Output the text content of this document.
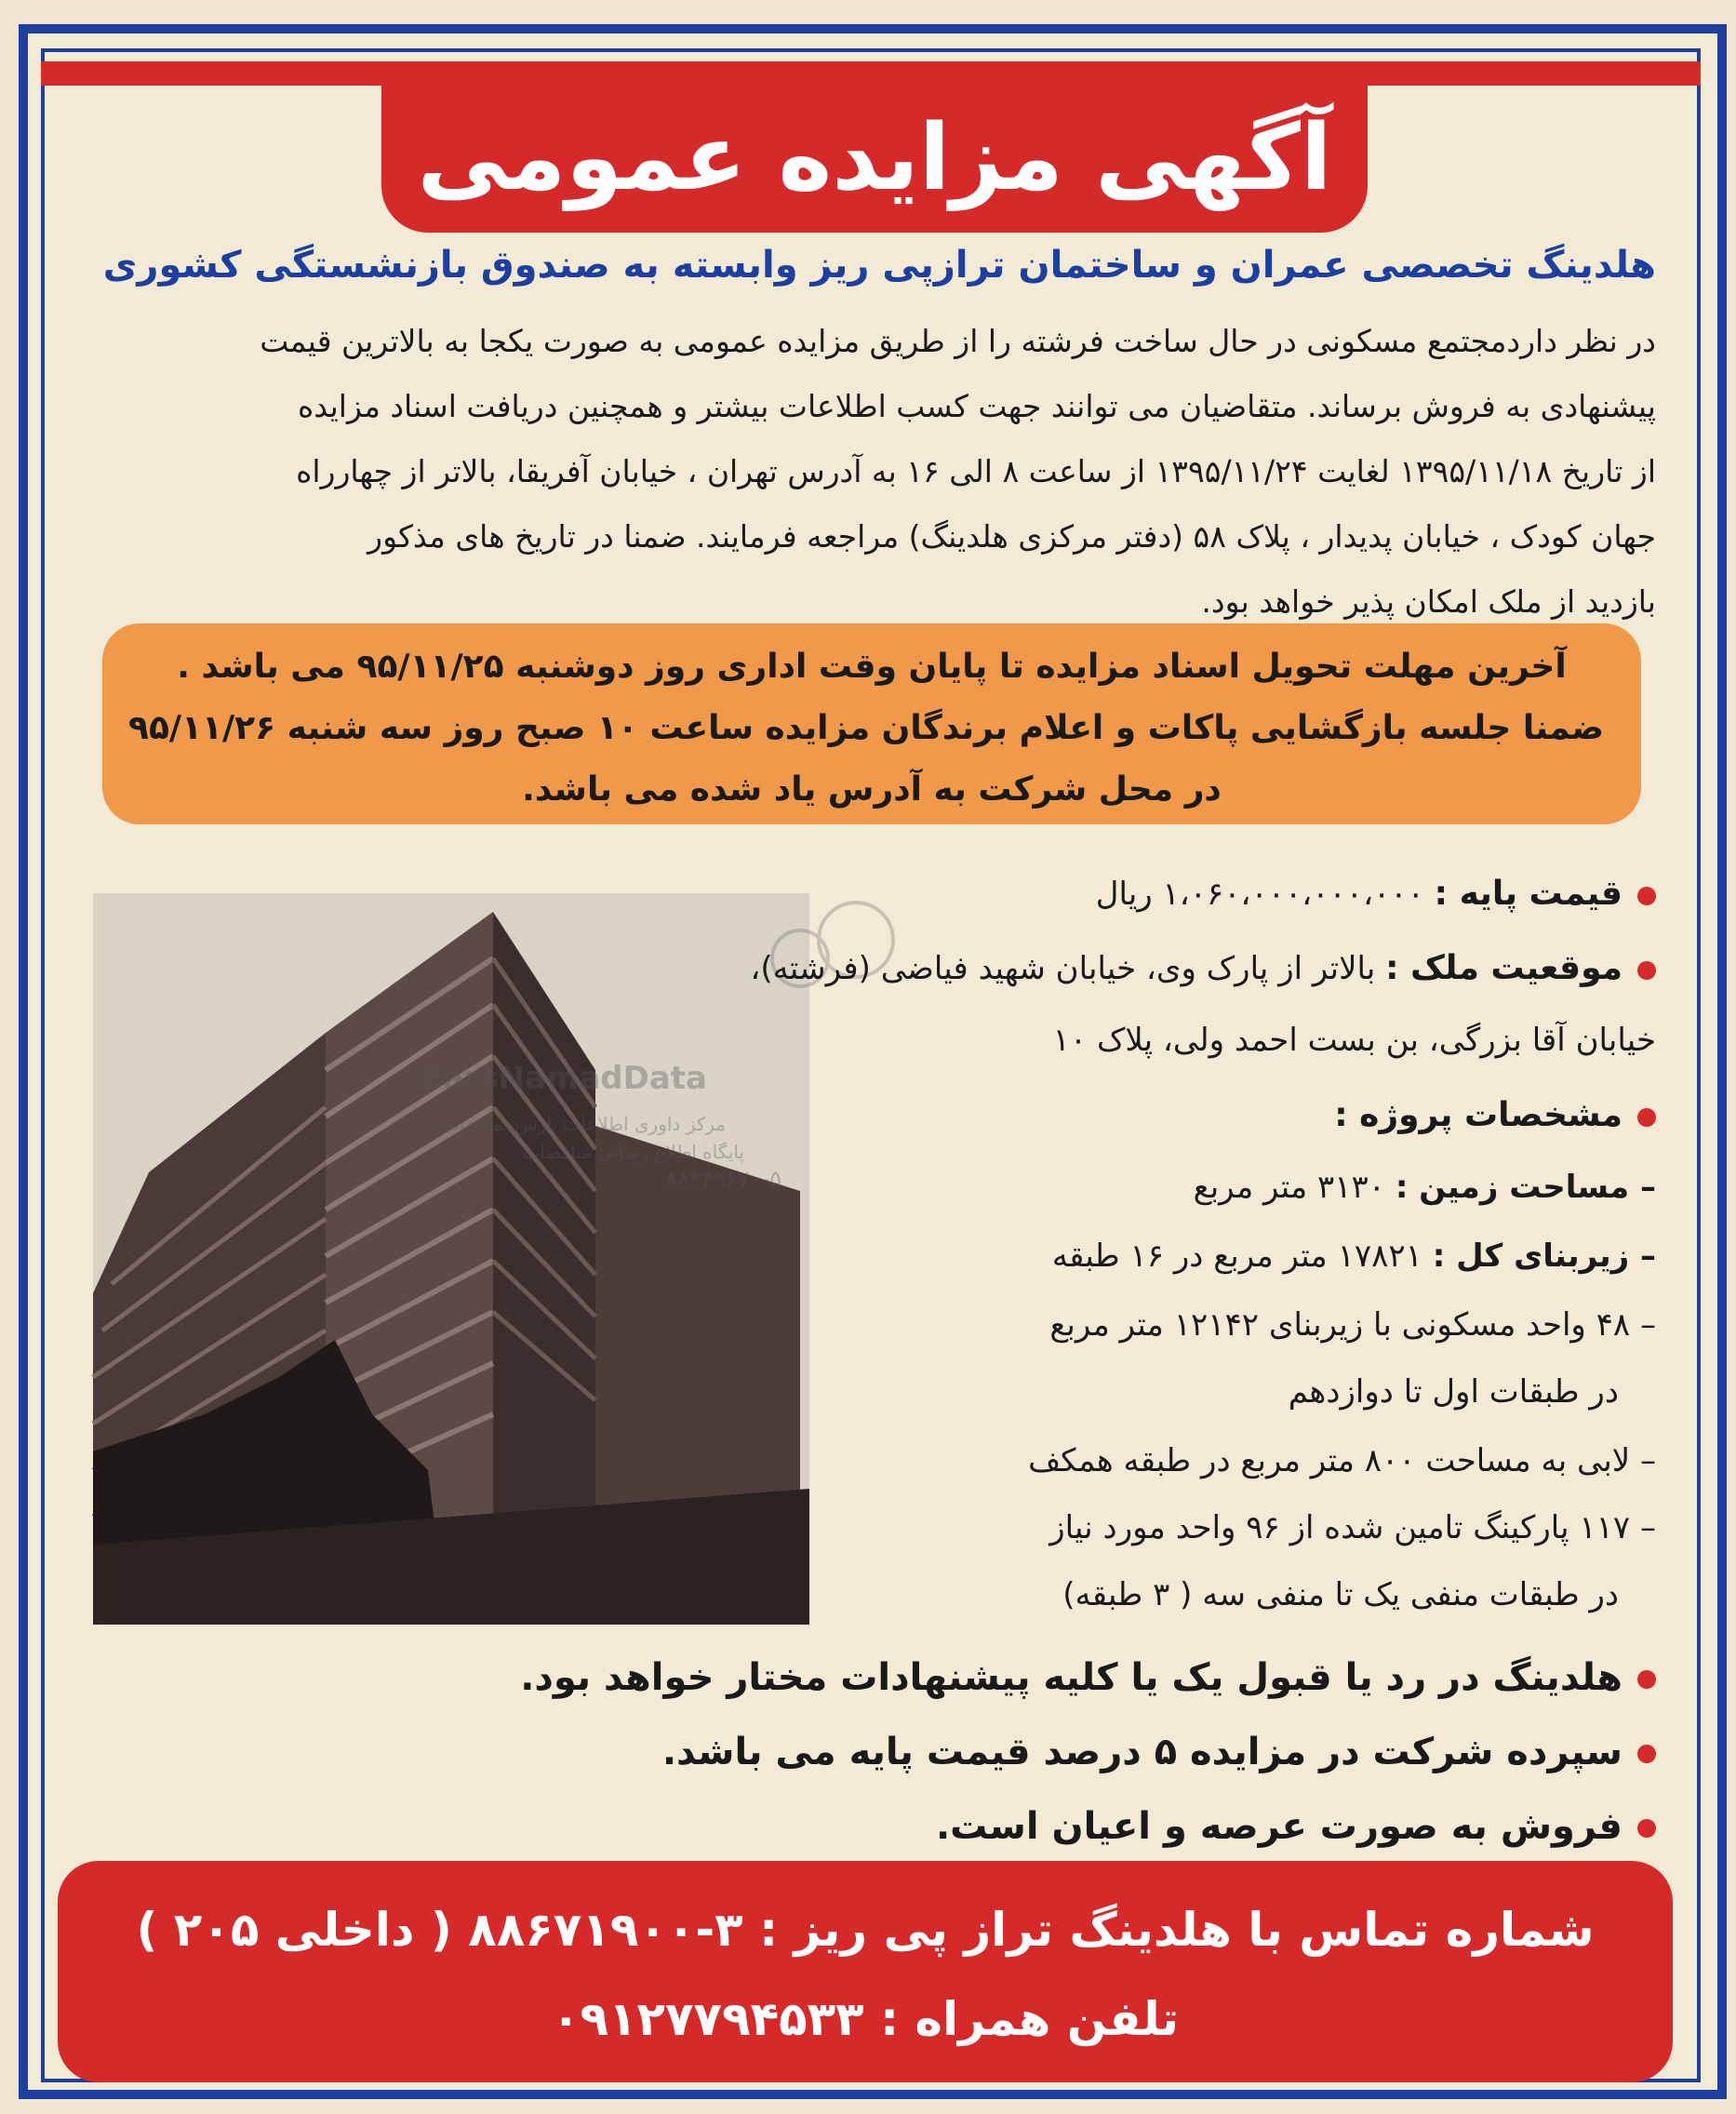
آگهی مزایده عمومی
هلدینگ تخصصی عمران و ساختمان ترازپی ریز وابسته به صندوق بازنشستگی کشوری

در نظر داردمجتمع مسکونی در حال ساخت فرشته را از طریق مزایده عمومی به صورت یکجا به بالاترین قیمت

پیشنهادی به فروش برساند. متقاضیان می توانند جهت کسب اطلاعات بیشتر و همچنین دریافت اسناد مزایده

از تاریخ ۱۳۹۵/۱۱/۱۸ لغایت ۱۳۹۵/۱۱/۲۴ از ساعت ۸ الی ۱۶ به آدرس تهران ، خیابان آفریقا، بالاتر از چهارراه

جهان کودک ، خیابان پدیدار ، پلاک ۵۸ (دفتر مرکزی هلدینگ) مراجعه فرمایند. ضمنا در تاریخ های مذکور

بازدید از ملک امکان پذیر خواهد بود.

آخرین مهلت تحویل اسناد مزایده تا پایان وقت اداری روز دوشنبه ۹۵/۱۱/۲۵ می باشد .

ضمنا جلسه بازگشایی پاکات و اعلام برندگان مزایده ساعت ۱۰ صبح روز سه شنبه ۹۵/۱۱/۲۶

در محل شرکت به آدرس یاد شده می باشد.

ParsNamadData
مرکز داوری اطلاعات پارس نماد داده
پایگاه اطلاع رسانی مناقصات
۸۸۳۴۹۶۷۰-۵
قیمت پایه : ۱،۰۶۰،۰۰۰،۰۰۰،۰۰۰ ریال
موقعیت ملک : بالاتر از پارک وی، خیابان شهید فیاضی (فرشته)،
خیابان آقا بزرگی، بن بست احمد ولی، پلاک ۱۰
مشخصات پروژه :
– مساحت زمین : ۳۱۳۰ متر مربع
– زیربنای کل : ۱۷۸۲۱ متر مربع در ۱۶ طبقه
– ۴۸ واحد مسکونی با زیربنای ۱۲۱۴۲ متر مربع
در طبقات اول تا دوازدهم
– لابی به مساحت ۸۰۰ متر مربع در طبقه همکف
– ۱۱۷ پارکینگ تامین شده از ۹۶ واحد مورد نیاز
در طبقات منفی یک تا منفی سه ( ۳ طبقه)
هلدینگ در رد یا قبول یک یا کلیه پیشنهادات مختار خواهد بود.
سپرده شرکت در مزایده ۵ درصد قیمت پایه می باشد.
فروش به صورت عرصه و اعیان است.

شماره تماس با هلدینگ تراز پی ریز : ۳-۸۸۶۷۱۹۰۰ ( داخلی ۲۰۵ )

تلفن همراه : ۰۹۱۲۷۷۹۴۵۳۳
